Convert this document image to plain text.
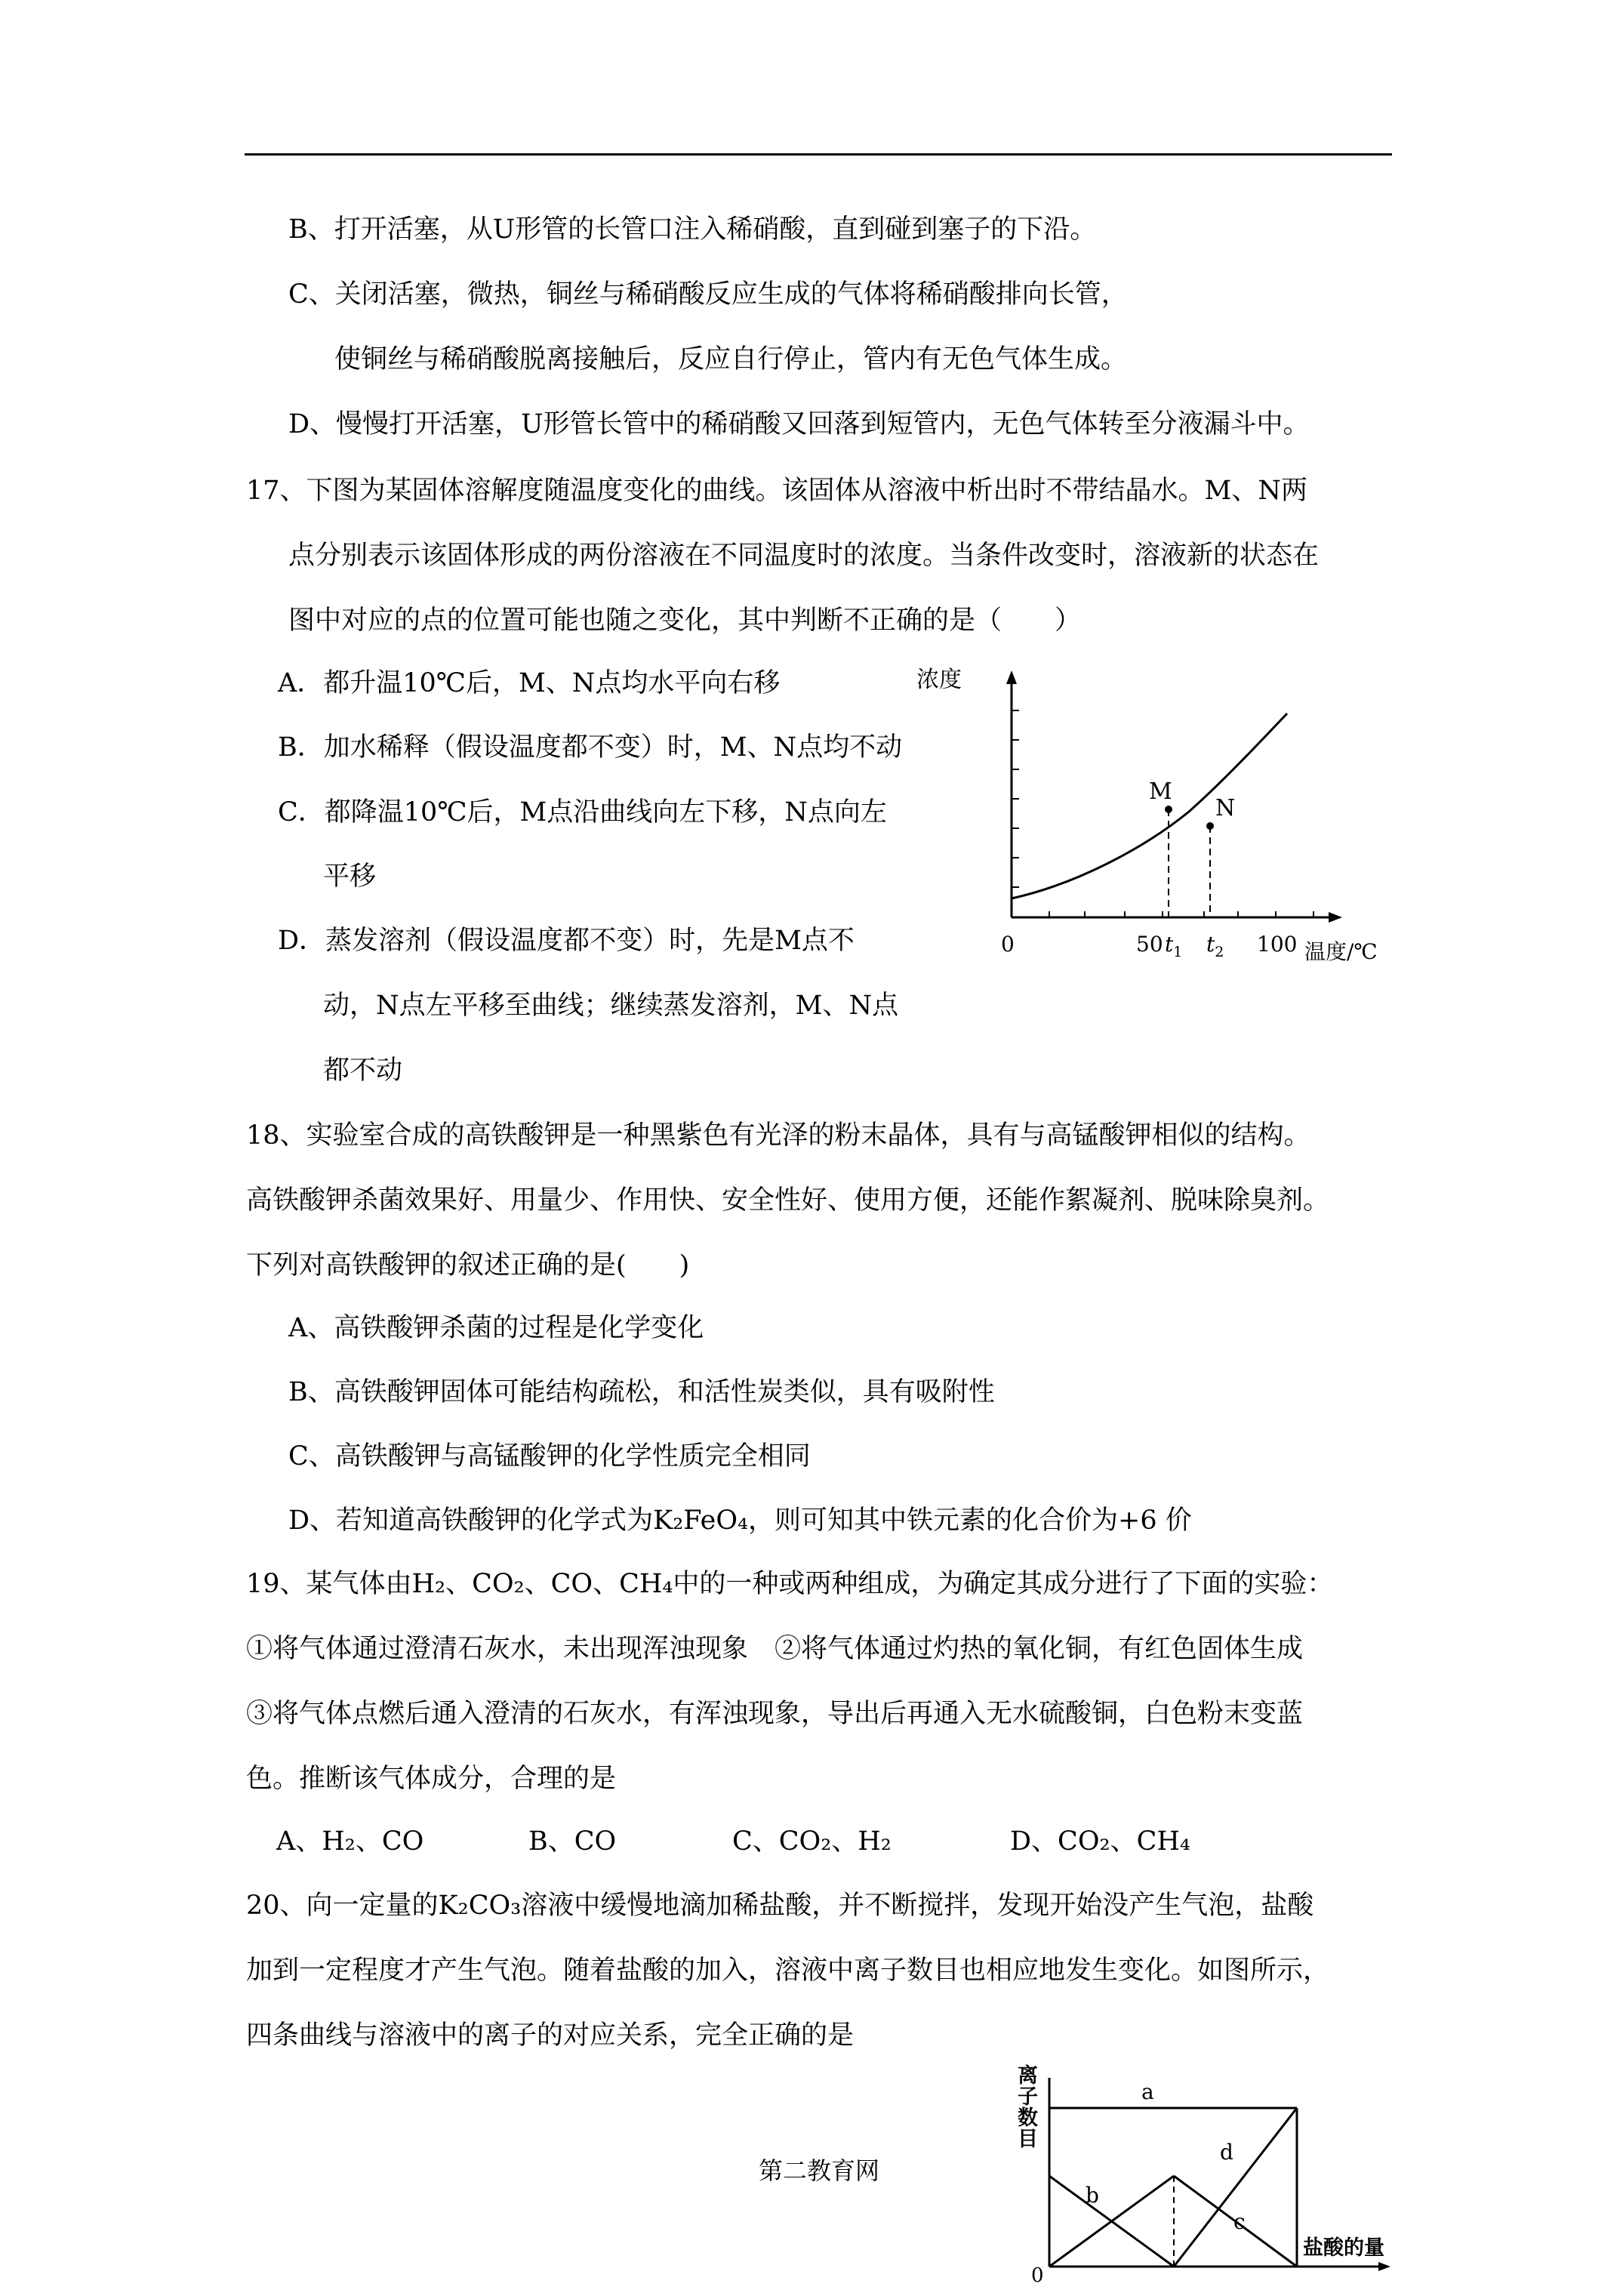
B、打开活塞，从U形管的长管口注入稀硝酸，直到碰到塞子的下沿。
C、关闭活塞，微热，铜丝与稀硝酸反应生成的气体将稀硝酸排向长管，
使铜丝与稀硝酸脱离接触后，反应自行停止，管内有无色气体生成。
D、慢慢打开活塞，U形管长管中的稀硝酸又回落到短管内，无色气体转至分液漏斗中。
17、下图为某固体溶解度随温度变化的曲线。该固体从溶液中析出时不带结晶水。M、N两
点分别表示该固体形成的两份溶液在不同温度时的浓度。当条件改变时，溶液新的状态在
图中对应的点的位置可能也随之变化，其中判断不正确的是（　　）
A．都升温10℃后，M、N点均水平向右移
B．加水稀释（假设温度都不变）时，M、N点均不动
C．都降温10℃后，M点沿曲线向左下移，N点向左
平移
D．蒸发溶剂（假设温度都不变）时，先是M点不
动，N点左平移至曲线；继续蒸发溶剂，M、N点
都不动
18、实验室合成的高铁酸钾是一种黑紫色有光泽的粉末晶体，具有与高锰酸钾相似的结构。
高铁酸钾杀菌效果好、用量少、作用快、安全性好、使用方便，还能作絮凝剂、脱味除臭剂。
下列对高铁酸钾的叙述正确的是(　　)
A、高铁酸钾杀菌的过程是化学变化
B、高铁酸钾固体可能结构疏松，和活性炭类似，具有吸附性
C、高铁酸钾与高锰酸钾的化学性质完全相同
D、若知道高铁酸钾的化学式为K₂FeO₄，则可知其中铁元素的化合价为+6 价
19、某气体由H₂、CO₂、CO、CH₄中的一种或两种组成，为确定其成分进行了下面的实验：
①将气体通过澄清石灰水，未出现浑浊现象　②将气体通过灼热的氧化铜，有红色固体生成
③将气体点燃后通入澄清的石灰水，有浑浊现象，导出后再通入无水硫酸铜，白色粉末变蓝
色。推断该气体成分，合理的是
A、H₂、CO	B、CO	C、CO₂、H₂	D、CO₂、CH₄
20、向一定量的K₂CO₃溶液中缓慢地滴加稀盐酸，并不断搅拌，发现开始没产生气泡，盐酸
加到一定程度才产生气泡。随着盐酸的加入，溶液中离子数目也相应地发生变化。如图所示，
四条曲线与溶液中的离子的对应关系，完全正确的是
浓度
M
N
0	50 $t_1$ $t_2$ 100 温度/℃
离子数目
a
b
c
d
0
盐酸的量
第二教育网
